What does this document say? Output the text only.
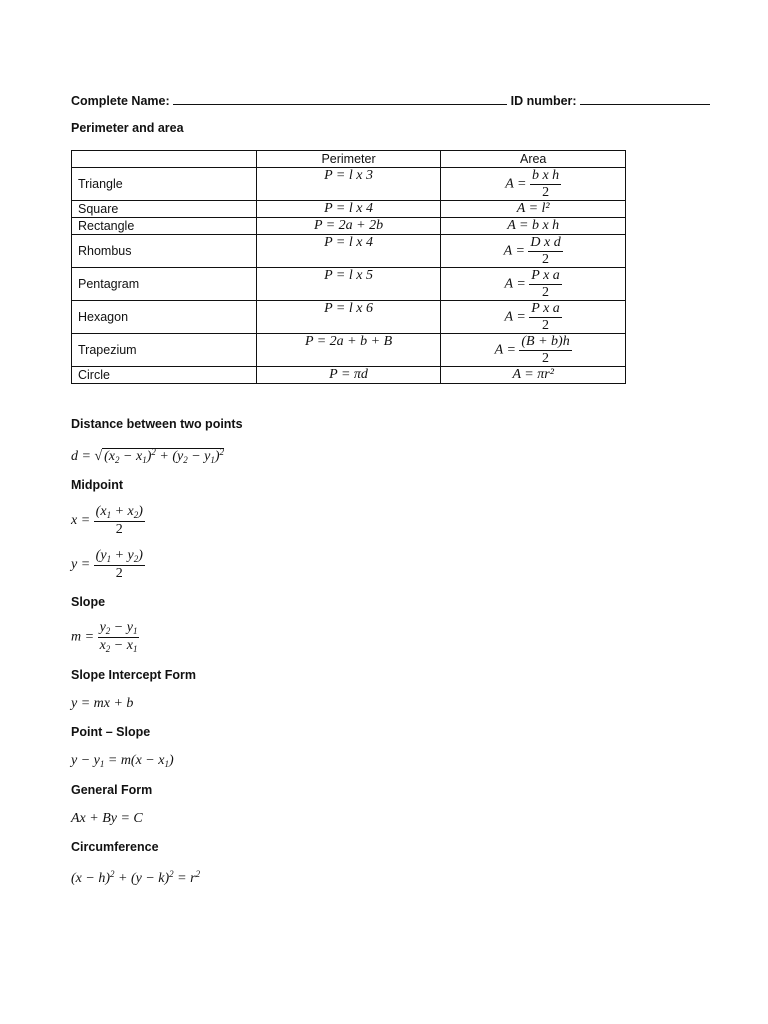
Complete Name:	ID number:
Perimeter and area
	Perimeter	Area
Triangle	P = l x 3	$A = \frac{\text{b x h}}{2}$

Square	P = l x 4	A = l²
Rectangle	P = 2a + 2b	A = b x h
Rhombus	P = l x 4	$A = \frac{\text{D x d}}{2}$

Pentagram	P = l x 5	$A = \frac{\text{P x a}}{2}$

Hexagon	P = l x 6	$A = \frac{\text{P x a}}{2}$

Trapezium	P = 2a + b + B	$A = \frac{(B + b)h}{2}$

Circle	P = πd	A = πr²
Distance between two points
d = √ $(x_2 - x_1)^2 + (y_2 - y_1)^2$
Midpoint
$x = \frac{(x_1 + x_2)}{2}$
$y = \frac{(y_1 + y_2)}{2}$
Slope
$m = \frac{y_2 - y_1}{x_2 - x_1}$
Slope Intercept Form
y = mx + b
Point – Slope
$y - y_1 = m(x - x_1)$
General Form
Ax + By = C
Circumference
$(x - h)^2 + (y - k)^2 = r^2$
